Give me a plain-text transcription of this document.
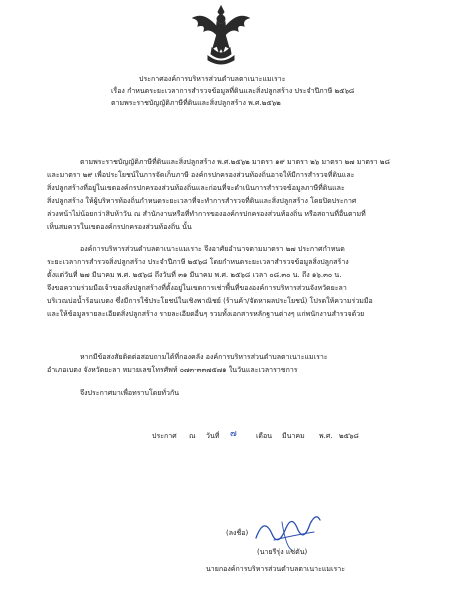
ประกาศองค์การบริหารส่วนตำบลตาเนาะแมเราะ
เรื่อง กำหนดระยะเวลาการสำรวจข้อมูลที่ดินและสิ่งปลูกสร้าง ประจำปีภาษี ๒๕๖๘
ตามพระราชบัญญัติภาษีที่ดินและสิ่งปลูกสร้าง พ.ศ.๒๕๖๒
ตามพระราชบัญญัติภาษีที่ดินและสิ่งปลูกสร้าง พ.ศ.๒๕๖๒ มาตรา ๑๙ มาตรา ๒๖ มาตรา ๒๗ มาตรา ๒๘
และมาตรา ๒๙ เพื่อประโยชน์ในการจัดเก็บภาษี องค์กรปกครองส่วนท้องถิ่นอาจให้มีการสำรวจที่ดินและ
สิ่งปลูกสร้างที่อยู่ในเขตองค์กรปกครองส่วนท้องถิ่นและก่อนที่จะดำเนินการสำรวจข้อมูลภาษีที่ดินและ
สิ่งปลูกสร้าง ให้ผู้บริหารท้องถิ่นกำหนดระยะเวลาที่จะทำการสำรวจที่ดินและสิ่งปลูกสร้าง โดยปิดประกาศ
ล่วงหน้าไม่น้อยกว่าสิบห้าวัน ณ สำนักงานหรือที่ทำการขององค์กรปกครองส่วนท้องถิ่น หรือสถานที่อื่นตามที่
เห็นสมควรในเขตองค์กรปกครองส่วนท้องถิ่น นั้น
องค์การบริหารส่วนตำบลตาเนาะแมเราะ จึงอาศัยอำนาจตามมาตรา ๒๗ ประกาศกำหนด
ระยะเวลาการสำรวจสิ่งปลูกสร้าง ประจำปีภาษี ๒๕๖๘ โดยกำหนดระยะเวลาสำรวจข้อมูลสิ่งปลูกสร้าง
ตั้งแต่วันที่ ๒๗ มีนาคม พ.ศ. ๒๕๖๘ ถึงวันที่ ๓๑ มีนาคม พ.ศ. ๒๕๖๘ เวลา ๐๘.๓๐ น. ถึง ๑๖.๓๐ น.
จึงขอความร่วมมือเจ้าของสิ่งปลูกสร้างที่ตั้งอยู่ในเขตการเช่าพื้นที่ขององค์การบริหารส่วนจังหวัดยะลา
บริเวณบ่อน้ำร้อนเบตง ซึ่งมีการใช้ประโยชน์ในเชิงพาณิชย์ (ร้านค้า/จัดหาผลประโยชน์) โปรดให้ความร่วมมือ
และให้ข้อมูลรายละเอียดสิ่งปลูกสร้าง รายละเอียดอื่นๆ รวมทั้งเอกสารหลักฐานต่างๆ แก่พนักงานสำรวจด้วย
หากมีข้อสงสัยติดต่อสอบถามได้ที่กองคลัง องค์การบริหารส่วนตำบลตาเนาะแมเราะ
อำเภอเบตง จังหวัดยะลา หมายเลขโทรศัพท์ ๐๗๓-๓๓๗๕๗๑ ในวันและเวลาราชการ
จึงประกาศมาเพื่อทราบโดยทั่วกัน
ประกาศ ณ วันที่ ๗	เดือน มีนาคม พ.ศ. ๒๕๖๘
(ลงชื่อ)
(นายรีรุ่ง แซ่ตัน)
นายกองค์การบริหารส่วนตำบลตาเนาะแมเราะ
